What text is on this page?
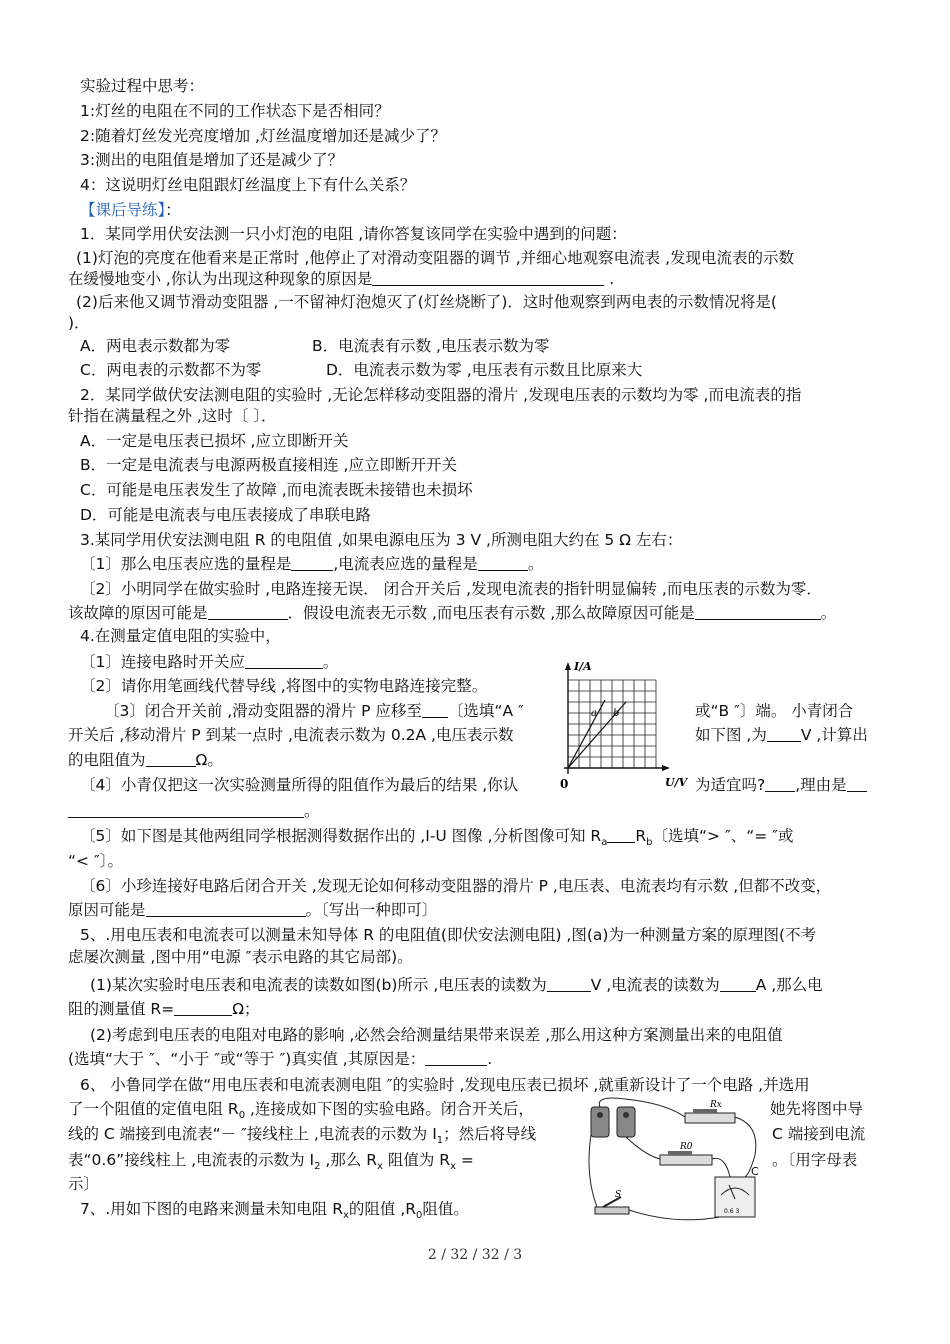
实验过程中思考：
1:灯丝的电阻在不同的工作状态下是否相同？
2:随着灯丝发光亮度增加 ,灯丝温度增加还是减少了？
3:测出的电阻值是增加了还是减少了？
4：这说明灯丝电阻跟灯丝温度上下有什么关系？
【课后导练】：
1．某同学用伏安法测一只小灯泡的电阻 ,请你答复该同学在实验中遇到的问题：
(1)灯泡的亮度在他看来是正常时 ,他停止了对滑动变阻器的调节 ,并细心地观察电流表 ,发现电流表的示数
在缓慢地变小 ,你认为出现这种现象的原因是	.
(2)后来他又调节滑动变阻器 ,一不留神灯泡熄灭了(灯丝烧断了)．这时他观察到两电表的示数情况将是(
)．
A．两电表示数都为零	B．电流表有示数 ,电压表示数为零
C．两电表的示数都不为零	D．电流表示数为零 ,电压表有示数且比原来大
2．某同学做伏安法测电阻的实验时 ,无论怎样移动变阻器的滑片 ,发现电压表的示数均为零 ,而电流表的指
针指在满量程之外 ,这时〔 〕．
A．一定是电压表已损坏 ,应立即断开关
B．一定是电流表与电源两极直接相连 ,应立即断开开关
C．可能是电压表发生了故障 ,而电流表既未接错也未损坏
D．可能是电流表与电压表接成了串联电路
3.某同学用伏安法测电阻 R 的电阻值 ,如果电源电压为 3 V ,所测电阻大约在 5 Ω 左右：
〔1〕那么电压表应选的量程是	,电流表应选的量程是	。
〔2〕小明同学在做实验时 ,电路连接无误． 闭合开关后 ,发现电流表的指针明显偏转 ,而电压表的示数为零．
该故障的原因可能是	．假设电流表无示数 ,而电压表有示数 ,那么故障原因可能是	。
4.在测量定值电阻的实验中，
〔1〕连接电路时开关应	。
〔2〕请你用笔画线代替导线 ,将图中的实物电路连接完整。
〔3〕闭合开关前 ,滑动变阻器的滑片 P 应移至 〔选填“A ″	或“B ″〕端。 小青闭合
开关后 ,移动滑片 P 到某一点时 ,电流表示数为 0.2A ,电压表示数	如下图 ,为 V ,计算出
的电阻值为	Ω。
〔4〕小青仅把这一次实验测量所得的阻值作为最后的结果 ,你认	为适宜吗? ,理由是
。
〔5〕如下图是其他两组同学根据测得数据作出的 ,I-U 图像 ,分析图像可知 $R_a$ $R_b$〔选填“> ″、“= ″或
“< ″〕。
〔6〕小珍连接好电路后闭合开关 ,发现无论如何移动变阻器的滑片 P ,电压表、电流表均有示数 ,但都不改变，
原因可能是	。〔写出一种即可〕
I/A
U/V
0
a b
5、.用电压表和电流表可以测量未知导体 R 的电阻值(即伏安法测电阻) ,图(a)为一种测量方案的原理图(不考
虑屡次测量 ,图中用“电源 ″表示电路的其它局部)。
(1)某次实验时电压表和电流表的读数如图(b)所示 ,电压表的读数为	V ,电流表的读数为 A ,那么电
阻的测量值 R=	Ω；
(2)考虑到电压表的电阻对电路的影响 ,必然会给测量结果带来误差 ,那么用这种方案测量出来的电阻值
(选填“大于 ″、“小于 ″或“等于 ″)真实值 ,其原因是：	.
6、 小鲁同学在做“用电压表和电流表测电阻 ″的实验时 ,发现电压表已损坏 ,就重新设计了一个电路 ,并选用
了一个阻值的定值电阻 $R_0$ ,连接成如下图的实验电路。闭合开关后，	她先将图中导
线的 C 端接到电流表“－ ″接线柱上 ,电流表的示数为 $I_1$；然后将导线	C 端接到电流
表“0.6”接线柱上 ,电流表的示数为 $I_2$ ,那么 $R_x$ 阻值为 $R_x$ =	。〔用字母表
示〕
0.6 3
Rx
R0
C
S
7、.用如下图的电路来测量未知电阻 $R_x$的阻值 $,R_0$阻值。
2 / 32 / 32 / 3
